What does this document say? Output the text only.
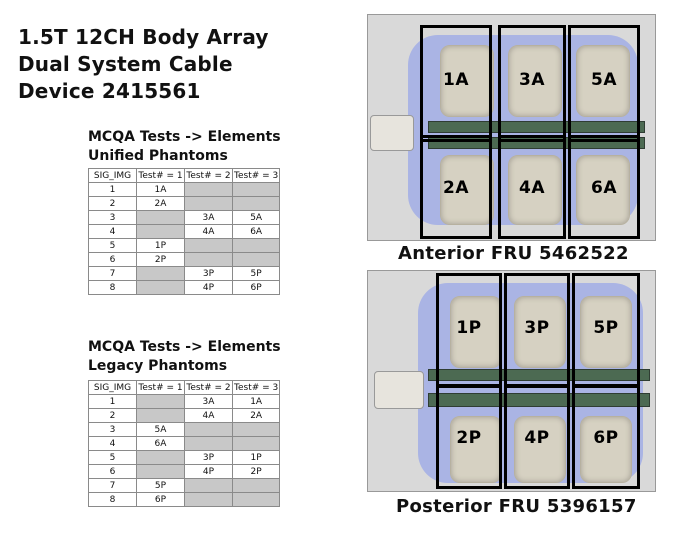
1.5T 12CH Body Array
Dual System Cable
Device 2415561
MCQA Tests -> Elements
Unified Phantoms
SIG_IMG	Test# = 1	Test# = 2	Test# = 3
1	1A		
2	2A		
3		3A	5A
4		4A	6A
5	1P		
6	2P		
7		3P	5P
8		4P	6P
MCQA Tests -> Elements
Legacy Phantoms
SIG_IMG	Test# = 1	Test# = 2	Test# = 3
1		3A	1A
2		4A	2A
3	5A		
4	6A		
5		3P	1P
6		4P	2P
7	5P		
8	6P		
1A	3A	5A
2A	4A	6A
Anterior FRU 5462522
1P	3P	5P
2P	4P	6P
Posterior FRU 5396157
